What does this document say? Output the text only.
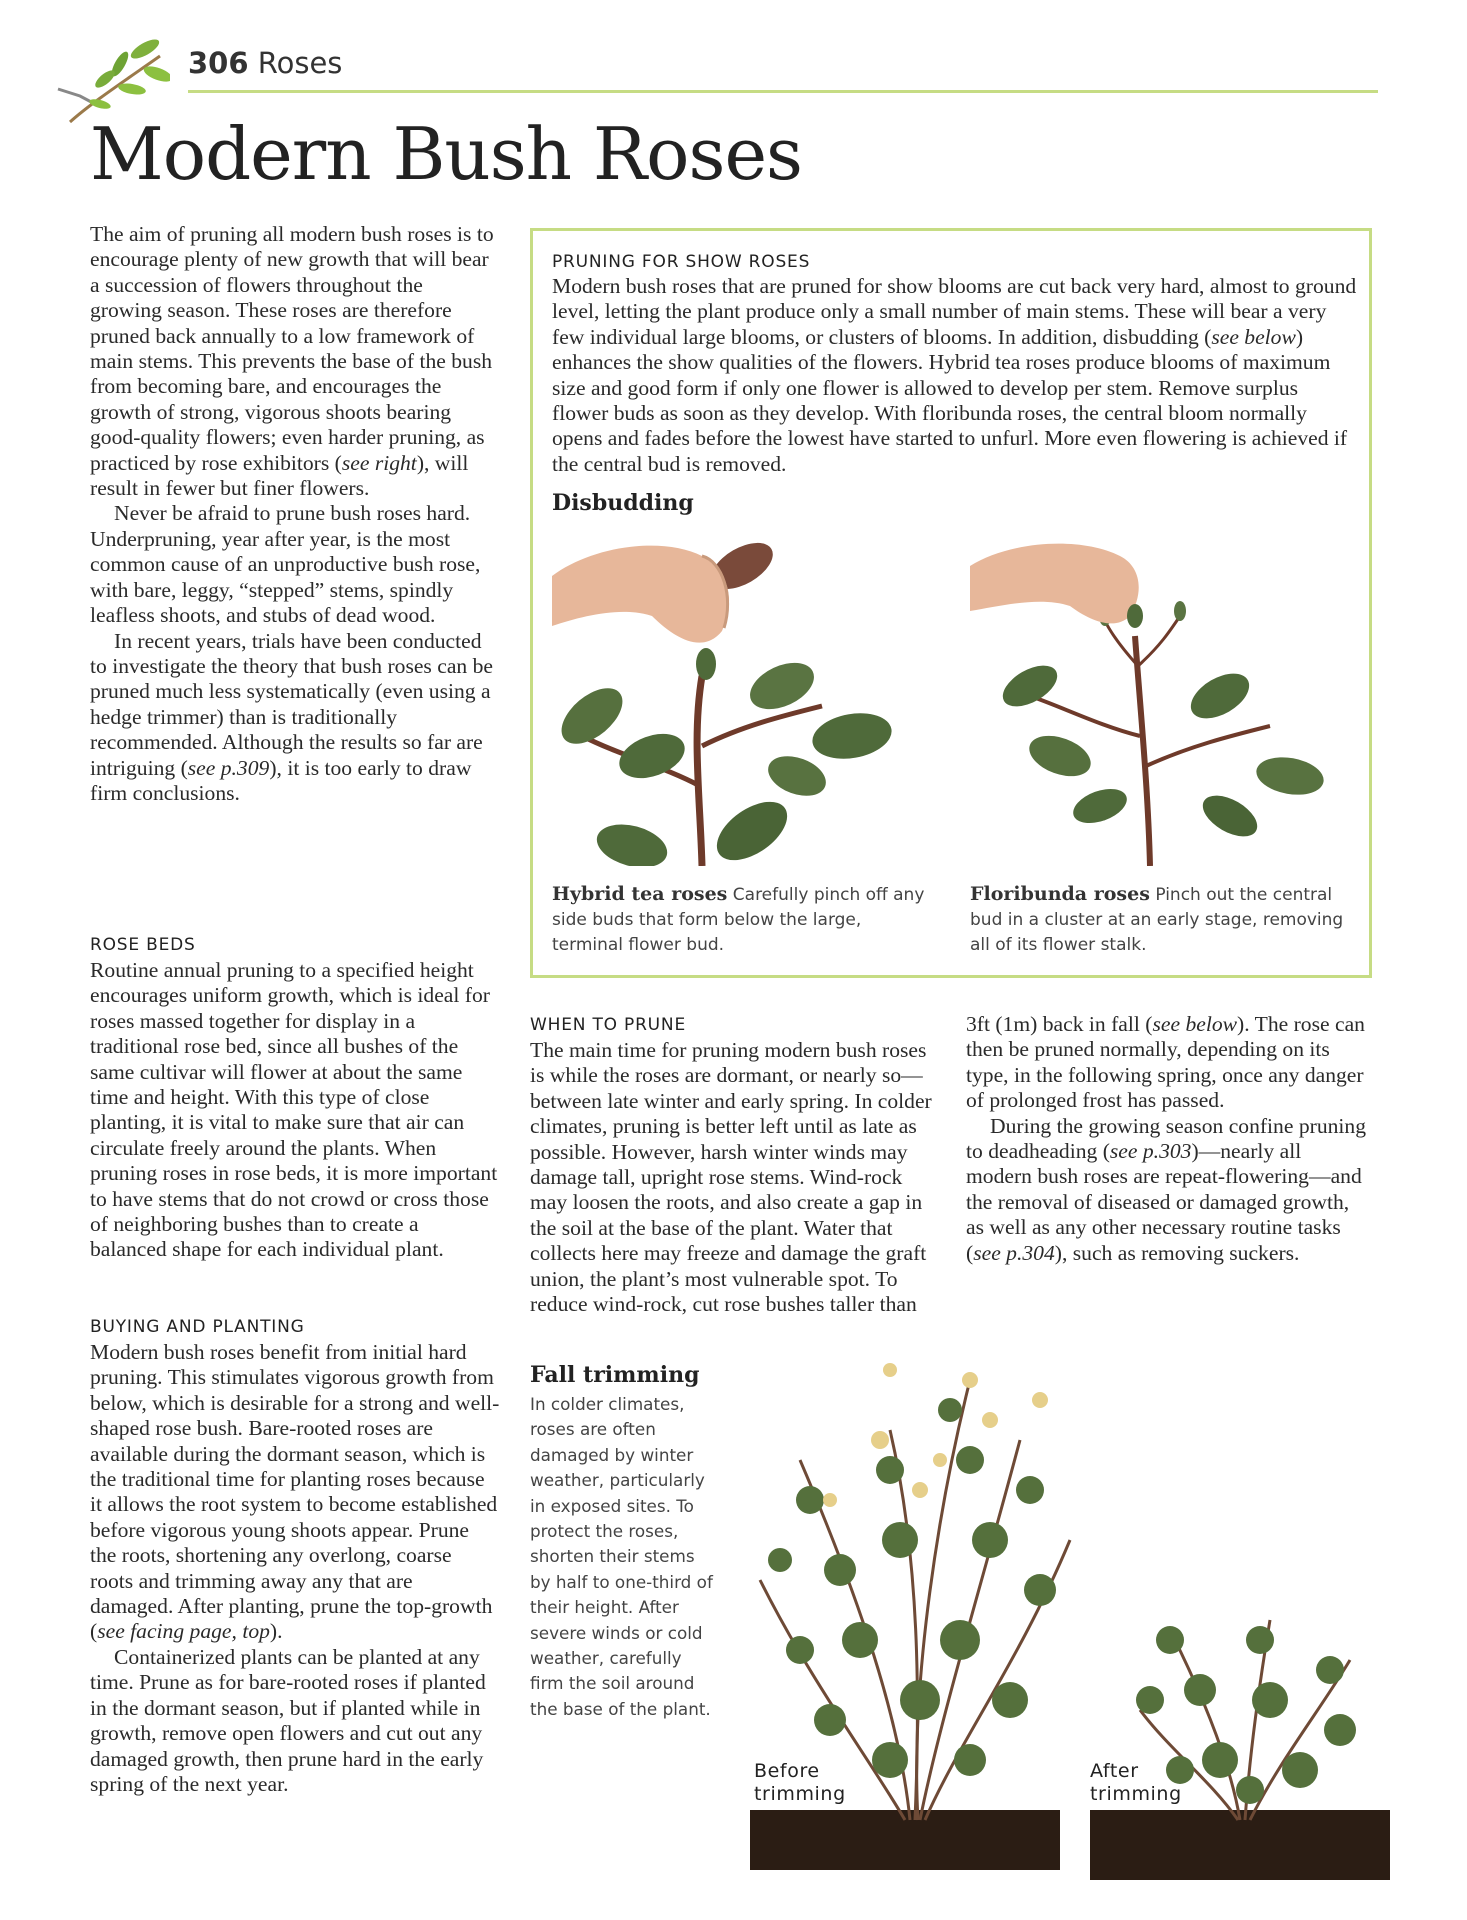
306 Roses
Modern Bush Roses

The aim of pruning all modern bush roses is to encourage plenty of new growth that will bear a succession of flowers throughout the growing season. These roses are therefore pruned back annually to a low framework of main stems. This prevents the base of the bush from becoming bare, and encourages the growth of strong, vigorous shoots bearing good-quality flowers; even harder pruning, as practiced by rose exhibitors (see right), will result in fewer but finer flowers.

Never be afraid to prune bush roses hard. Underpruning, year after year, is the most common cause of an unproductive bush rose, with bare, leggy, “stepped” stems, spindly leafless shoots, and stubs of dead wood.

In recent years, trials have been conducted to investigate the theory that bush roses can be pruned much less systematically (even using a hedge trimmer) than is traditionally recommended. Although the results so far are intriguing (see p.309), it is too early to draw firm conclusions.

ROSE BEDS
Routine annual pruning to a specified height encourages uniform growth, which is ideal for roses massed together for display in a traditional rose bed, since all bushes of the same cultivar will flower at about the same time and height. With this type of close planting, it is vital to make sure that air can circulate freely around the plants. When pruning roses in rose beds, it is more important to have stems that do not crowd or cross those of neighboring bushes than to create a balanced shape for each individual plant.
BUYING AND PLANTING

Modern bush roses benefit from initial hard pruning. This stimulates vigorous growth from below, which is desirable for a strong and well-shaped rose bush. Bare-rooted roses are available during the dormant season, which is the traditional time for planting roses because it allows the root system to become established before vigorous young shoots appear. Prune the roots, shortening any overlong, coarse roots and trimming away any that are damaged. After planting, prune the top-growth (see facing page, top).

Containerized plants can be planted at any time. Prune as for bare-rooted roses if planted in the dormant season, but if planted while in growth, remove open flowers and cut out any damaged growth, then prune hard in the early spring of the next year.

PRUNING FOR SHOW ROSES
Modern bush roses that are pruned for show blooms are cut back very hard, almost to ground level, letting the plant produce only a small number of main stems. These will bear a very few individual large blooms, or clusters of blooms. In addition, disbudding (see below) enhances the show qualities of the flowers. Hybrid tea roses produce blooms of maximum size and good form if only one flower is allowed to develop per stem. Remove surplus flower buds as soon as they develop. With floribunda roses, the central bloom normally opens and fades before the lowest have started to unfurl. More even flowering is achieved if the central bud is removed.
Disbudding
Hybrid tea roses Carefully pinch off any side buds that form below the large, terminal flower bud.
Floribunda roses Pinch out the central bud in a cluster at an early stage, removing all of its flower stalk.
WHEN TO PRUNE

The main time for pruning modern bush roses is while the roses are dormant, or nearly so—between late winter and early spring. In colder climates, pruning is better left until as late as possible. However, harsh winter winds may damage tall, upright rose stems. Wind-rock may loosen the roots, and also create a gap in the soil at the base of the plant. Water that collects here may freeze and damage the graft union, the plant’s most vulnerable spot. To reduce wind-rock, cut rose bushes taller than 3ft (1m) back in fall (see below). The rose can then be pruned normally, depending on its type, in the following spring, once any danger of prolonged frost has passed.

During the growing season confine pruning to deadheading (see p.303)—nearly all modern bush roses are repeat-flowering—and the removal of diseased or damaged growth, as well as any other necessary routine tasks (see p.304), such as removing suckers.

Fall trimming
In colder climates, roses are often damaged by winter weather, particularly in exposed sites. To protect the roses, shorten their stems by half to one-third of their height. After severe winds or cold weather, carefully firm the soil around the base of the plant.
Before trimming
After trimming
